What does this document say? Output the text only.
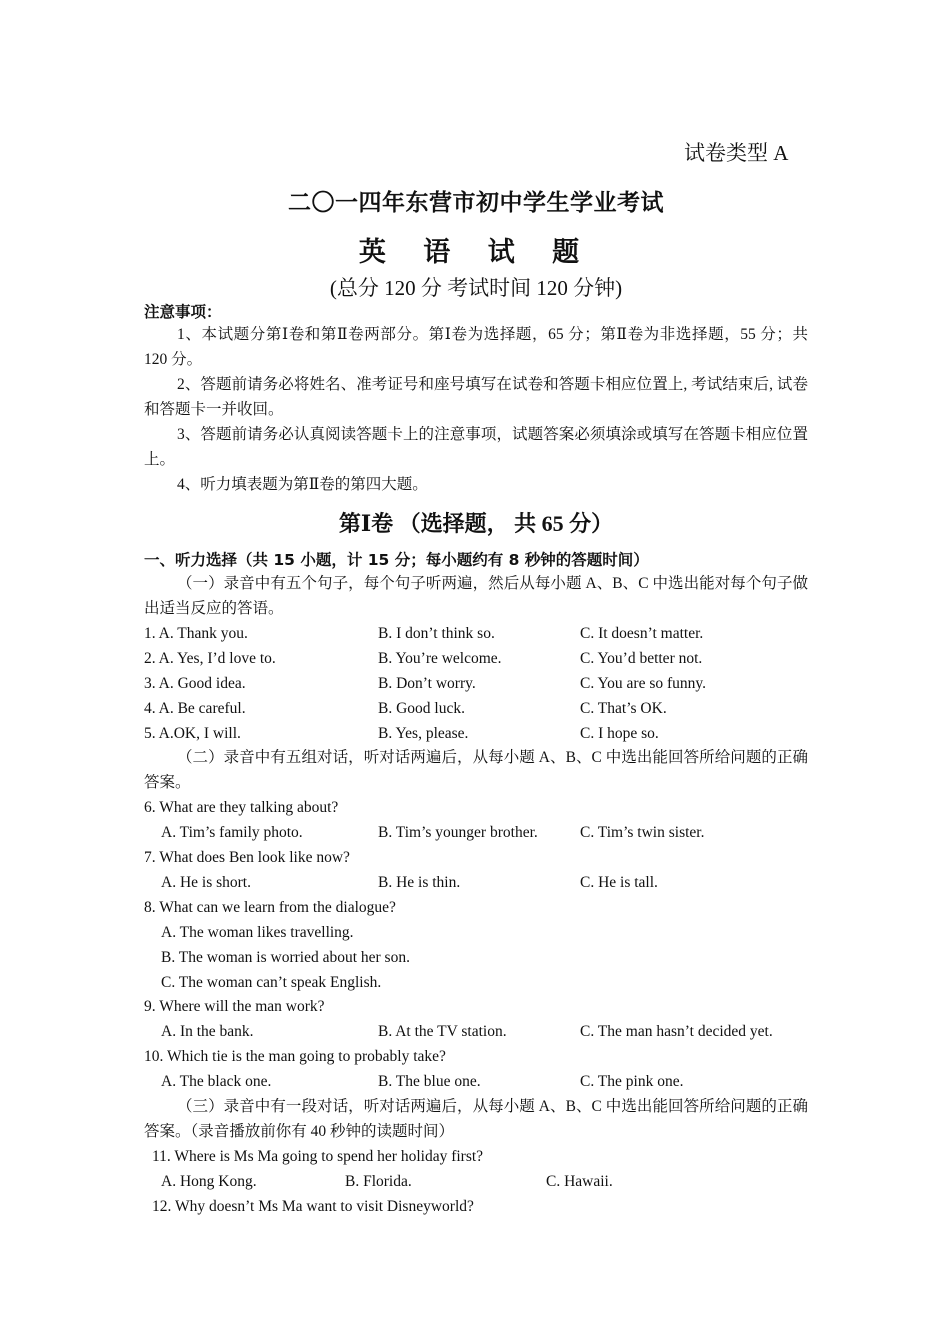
试卷类型 A
二〇一四年东营市初中学生学业考试
英 语 试 题
(总分 120 分 考试时间 120 分钟)
注意事项：
1、本试题分第Ⅰ卷和第Ⅱ卷两部分。第Ⅰ卷为选择题，65 分；第Ⅱ卷为非选择题，55 分；共 120 分。
2、答题前请务必将姓名、准考证号和座号填写在试卷和答题卡相应位置上, 考试结束后, 试卷和答题卡一并收回。
3、答题前请务必认真阅读答题卡上的注意事项，试题答案必须填涂或填写在答题卡相应位置上。
4、听力填表题为第Ⅱ卷的第四大题。
第Ⅰ卷 （选择题， 共 65 分）
一、听力选择（共 15 小题，计 15 分；每小题约有 8 秒钟的答题时间）
（一）录音中有五个句子，每个句子听两遍，然后从每小题 A、B、C 中选出能对每个句子做出适当反应的答语。
1. A. Thank you.	B. I don’t think so.	C. It doesn’t matter.
2. A. Yes, I’d love to.	B. You’re welcome.	C. You’d better not.
3. A. Good idea.	B. Don’t worry.	C. You are so funny.
4. A. Be careful.	B. Good luck.	C. That’s OK.
5. A.OK, I will.	B. Yes, please.	C. I hope so.
（二）录音中有五组对话，听对话两遍后，从每小题 A、B、C 中选出能回答所给问题的正确答案。
6. What are they talking about?
A. Tim’s family photo.	B. Tim’s younger brother.	C. Tim’s twin sister.
7. What does Ben look like now?
A. He is short.	B. He is thin.	C. He is tall.
8. What can we learn from the dialogue?
A. The woman likes travelling.
B. The woman is worried about her son.
C. The woman can’t speak English.
9. Where will the man work?
A. In the bank.	B. At the TV station.	C. The man hasn’t decided yet.
10. Which tie is the man going to probably take?
A. The black one.	B. The blue one.	C. The pink one.
（三）录音中有一段对话，听对话两遍后，从每小题 A、B、C 中选出能回答所给问题的正确答案。（录音播放前你有 40 秒钟的读题时间）
11. Where is Ms Ma going to spend her holiday first?
A. Hong Kong.	B. Florida.	C. Hawaii.
12. Why doesn’t Ms Ma want to visit Disneyworld?
